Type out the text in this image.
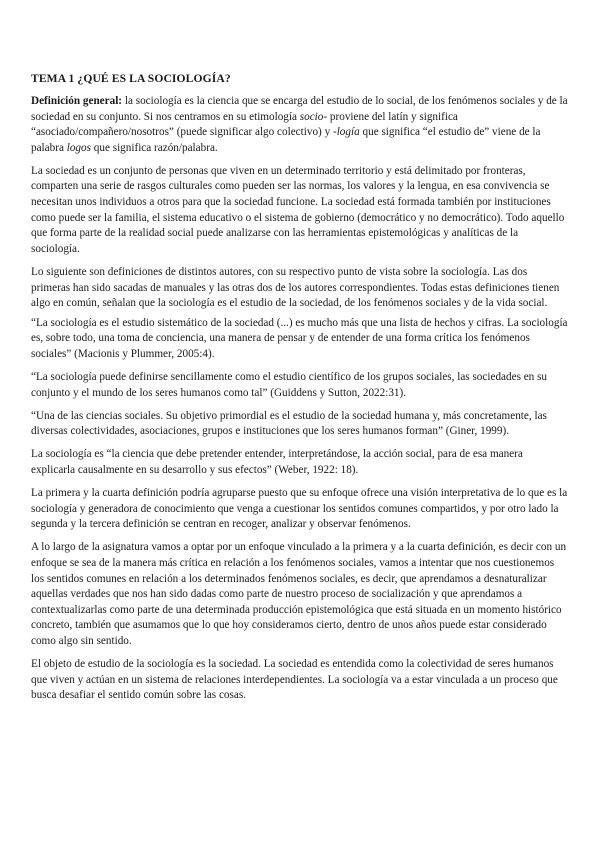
TEMA 1 ¿QUÉ ES LA SOCIOLOGÍA?

Definición general: la sociología es la ciencia que se encarga del estudio de lo social, de los fenómenos sociales y de la sociedad en su conjunto. Si nos centramos en su etimología socio- proviene del latín y significa “asociado/compañero/nosotros” (puede significar algo colectivo) y -logía que significa “el estudio de” viene de la palabra logos que significa razón/palabra.

La sociedad es un conjunto de personas que viven en un determinado territorio y está delimitado por fronteras, comparten una serie de rasgos culturales como pueden ser las normas, los valores y la lengua, en esa convivencia se necesitan unos individuos a otros para que la sociedad funcione. La sociedad está formada también por instituciones como puede ser la familia, el sistema educativo o el sistema de gobierno (democrático y no democrático). Todo aquello que forma parte de la realidad social puede analizarse con las herramientas epistemológicas y analíticas de la sociología.

Lo siguiente son definiciones de distintos autores, con su respectivo punto de vista sobre la sociología. Las dos primeras han sido sacadas de manuales y las otras dos de los autores correspondientes. Todas estas definiciones tienen algo en común, señalan que la sociología es el estudio de la sociedad, de los fenómenos sociales y de la vida social.

“La sociología es el estudio sistemático de la sociedad (...) es mucho más que una lista de hechos y cifras. La sociología es, sobre todo, una toma de conciencia, una manera de pensar y de entender de una forma crítica los fenómenos sociales” (Macionis y Plummer, 2005:4).

“La sociología puede definirse sencillamente como el estudio científico de los grupos sociales, las sociedades en su conjunto y el mundo de los seres humanos como tal” (Guiddens y Sutton, 2022:31).

“Una de las ciencias sociales. Su objetivo primordial es el estudio de la sociedad humana y, más concretamente, las diversas colectividades, asociaciones, grupos e instituciones que los seres humanos forman” (Giner, 1999).

La sociología es “la ciencia que debe pretender entender, interpretándose, la acción social, para de esa manera explicarla causalmente en su desarrollo y sus efectos” (Weber, 1922: 18).

La primera y la cuarta definición podría agruparse puesto que su enfoque ofrece una visión interpretativa de lo que es la sociología y generadora de conocimiento que venga a cuestionar los sentidos comunes compartidos, y por otro lado la segunda y la tercera definición se centran en recoger, analizar y observar fenómenos.

A lo largo de la asignatura vamos a optar por un enfoque vinculado a la primera y a la cuarta definición, es decir con un enfoque se sea de la manera más crítica en relación a los fenómenos sociales, vamos a intentar que nos cuestionemos los sentidos comunes en relación a los determinados fenómenos sociales, es decir, que aprendamos a desnaturalizar aquellas verdades que nos han sido dadas como parte de nuestro proceso de socialización y que aprendamos a contextualizarlas como parte de una determinada producción epistemológica que está situada en un momento histórico concreto, también que asumamos que lo que hoy consideramos cierto, dentro de unos años puede estar considerado como algo sin sentido.

El objeto de estudio de la sociología es la sociedad. La sociedad es entendida como la colectividad de seres humanos que viven y actúan en un sistema de relaciones interdependientes. La sociología va a estar vinculada a un proceso que busca desafiar el sentido común sobre las cosas.
